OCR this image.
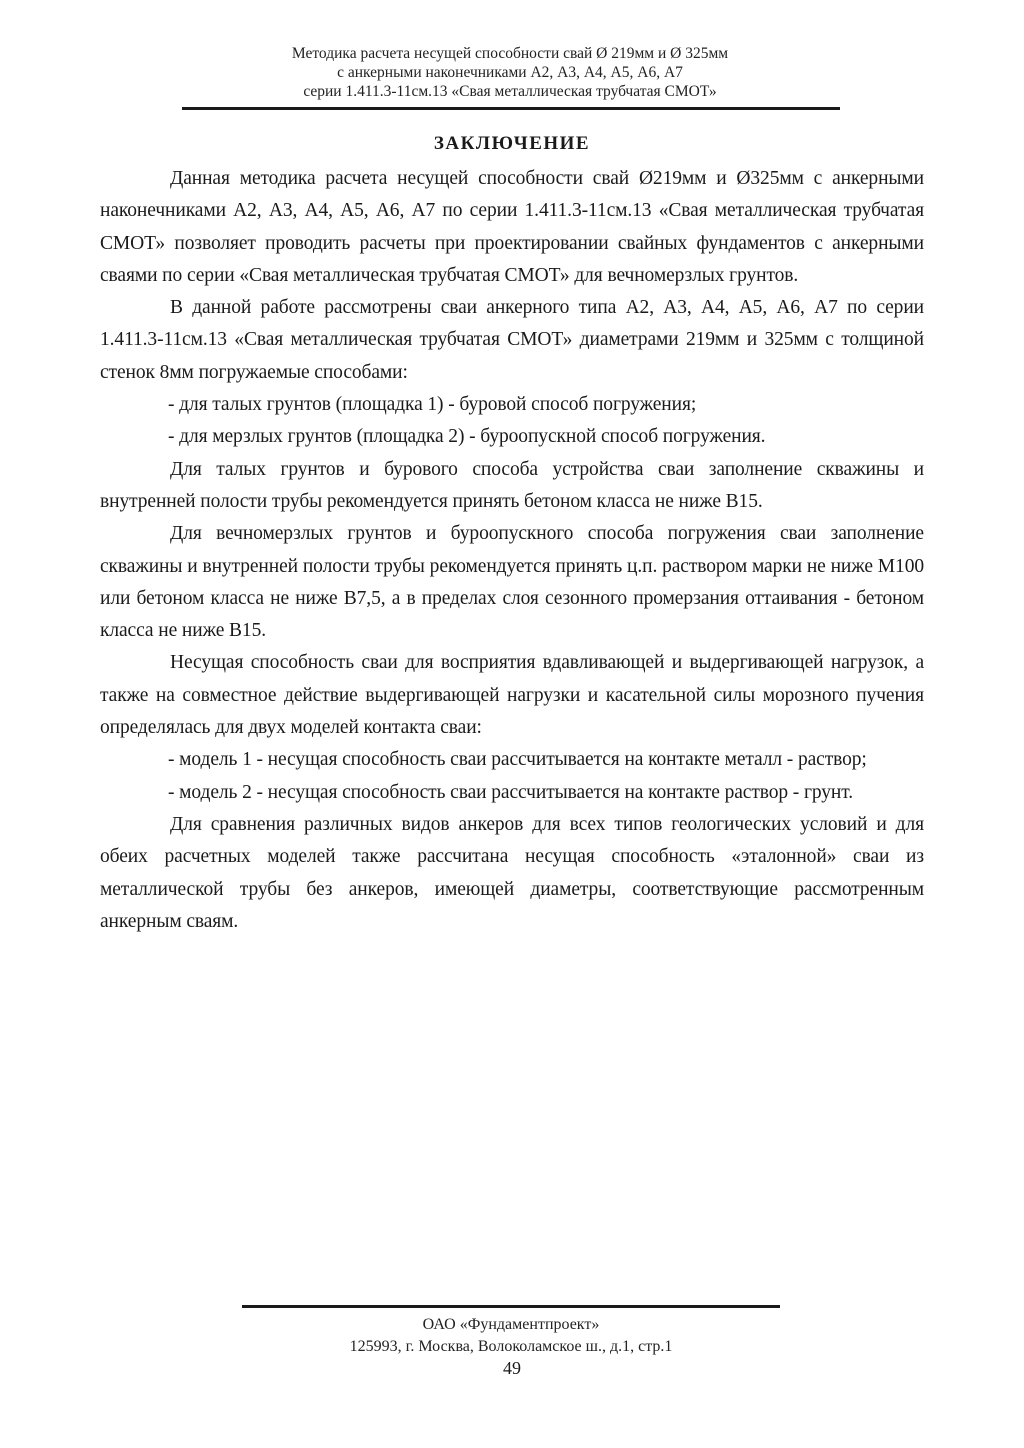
Методика расчета несущей способности свай Ø 219мм и Ø 325мм
с анкерными наконечниками А2, А3, А4, А5, А6, А7
серии 1.411.3-11см.13 «Свая металлическая трубчатая СМОТ»
ЗАКЛЮЧЕНИЕ

Данная методика расчета несущей способности свай Ø219мм и Ø325мм с анкерными наконечниками А2, А3, А4, А5, А6, А7 по серии 1.411.3-11см.13 «Свая металлическая трубчатая СМОТ» позволяет проводить расчеты при проектировании свайных фундаментов с анкерными сваями по серии «Свая металлическая трубчатая СМОТ» для вечномерзлых грунтов.

В данной работе рассмотрены сваи анкерного типа А2, А3, А4, А5, А6, А7 по серии 1.411.3-11см.13 «Свая металлическая трубчатая СМОТ» диаметрами 219мм и 325мм с толщиной стенок 8мм погружаемые способами:

- для талых грунтов (площадка 1) - буровой способ погружения;

- для мерзлых грунтов (площадка 2) - буроопускной способ погружения.

Для талых грунтов и бурового способа устройства сваи заполнение скважины и внутренней полости трубы рекомендуется принять бетоном класса не ниже В15.

Для вечномерзлых грунтов и буроопускного способа погружения сваи заполнение скважины и внутренней полости трубы рекомендуется принять ц.п. раствором марки не ниже М100 или бетоном класса не ниже В7,5, а в пределах слоя сезонного промерзания оттаивания - бетоном класса не ниже В15.

Несущая способность сваи для восприятия вдавливающей и выдергивающей нагрузок, а также на совместное действие выдергивающей нагрузки и касательной силы морозного пучения определялась для двух моделей контакта сваи:

- модель 1 - несущая способность сваи рассчитывается на контакте металл - раствор;

- модель 2 - несущая способность сваи рассчитывается на контакте раствор - грунт.

Для сравнения различных видов анкеров для всех типов геологических условий и для обеих расчетных моделей также рассчитана несущая способность «эталонной» сваи из металлической трубы без анкеров, имеющей диаметры, соответствующие рассмотренным анкерным сваям.

ОАО «Фундаментпроект»
125993, г. Москва, Волоколамское ш., д.1, стр.1
49
